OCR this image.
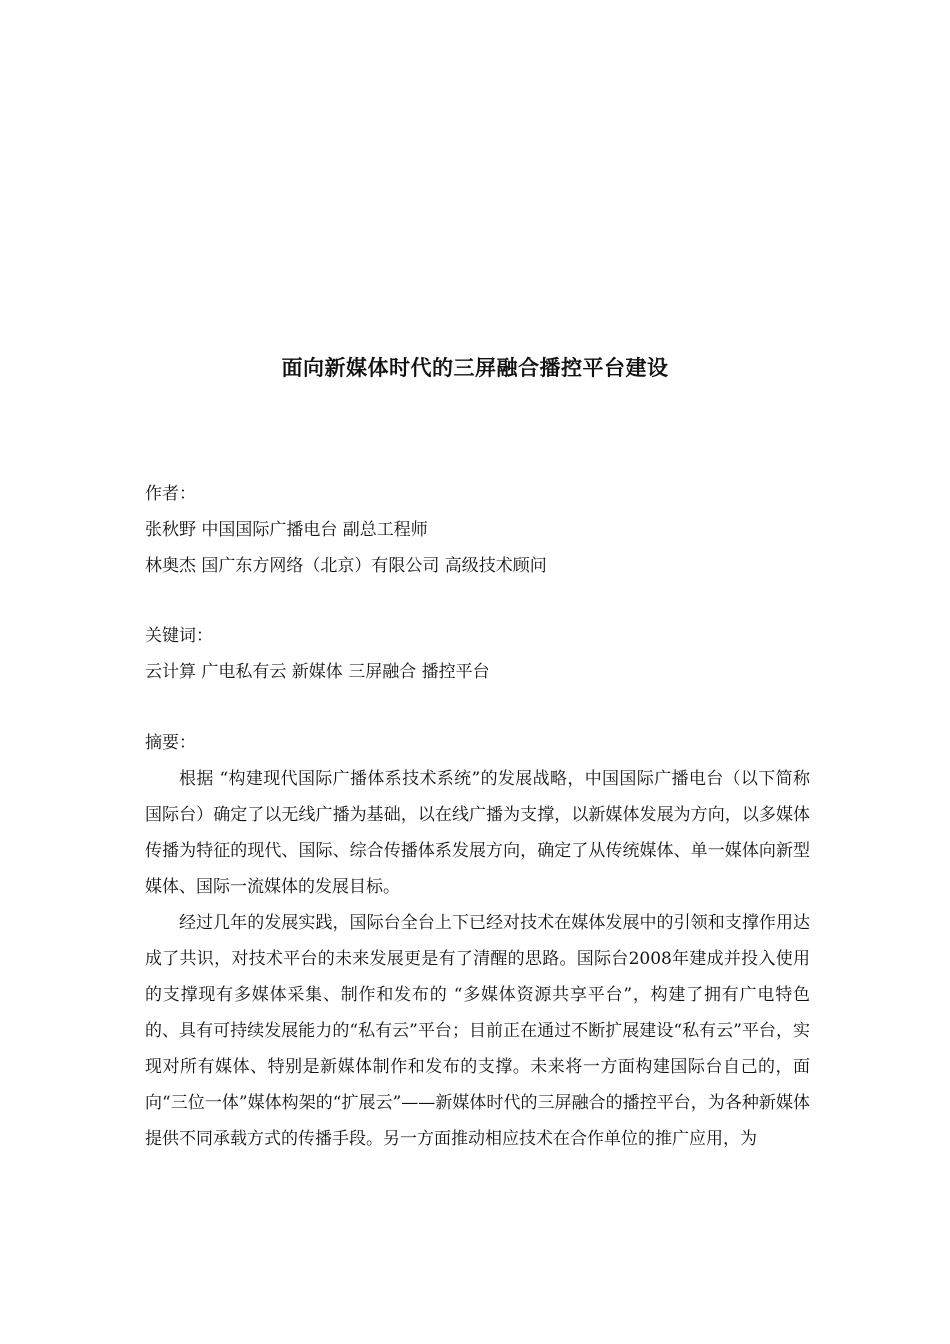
面向新媒体时代的三屏融合播控平台建设
作者：
张秋野 中国国际广播电台 副总工程师
林奥杰 国广东方网络（北京）有限公司 高级技术顾问
关键词：
云计算 广电私有云 新媒体 三屏融合 播控平台
摘要：

根据 “构建现代国际广播体系技术系统”的发展战略，中国国际广播电台（以下简称国际台）确定了以无线广播为基础，以在线广播为支撑，以新媒体发展为方向，以多媒体传播为特征的现代、国际、综合传播体系发展方向，确定了从传统媒体、单一媒体向新型媒体、国际一流媒体的发展目标。

经过几年的发展实践，国际台全台上下已经对技术在媒体发展中的引领和支撑作用达成了共识，对技术平台的未来发展更是有了清醒的思路。国际台2008年建成并投入使用的支撑现有多媒体采集、制作和发布的 “多媒体资源共享平台”，构建了拥有广电特色的、具有可持续发展能力的“私有云”平台；目前正在通过不断扩展建设“私有云”平台，实现对所有媒体、特别是新媒体制作和发布的支撑。未来将一方面构建国际台自己的，面向“三位一体”媒体构架的“扩展云”——新媒体时代的三屏融合的播控平台，为各种新媒体提供不同承载方式的传播手段。另一方面推动相应技术在合作单位的推广应用，为
